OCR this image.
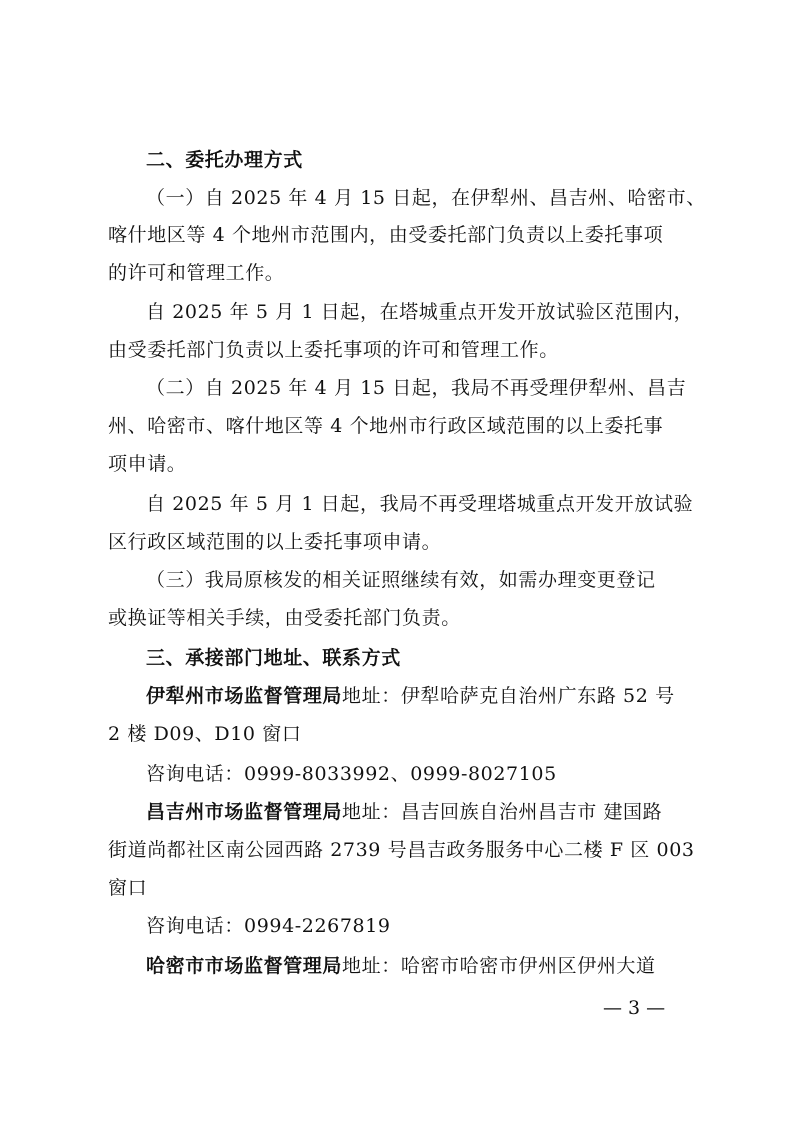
二、委托办理方式
（一）自 2025 年 4 月 15 日起，在伊犁州、昌吉州、哈密市、
喀什地区等 4 个地州市范围内，由受委托部门负责以上委托事项
的许可和管理工作。
自 2025 年 5 月 1 日起，在塔城重点开发开放试验区范围内，
由受委托部门负责以上委托事项的许可和管理工作。
（二）自 2025 年 4 月 15 日起，我局不再受理伊犁州、昌吉
州、哈密市、喀什地区等 4 个地州市行政区域范围的以上委托事
项申请。
自 2025 年 5 月 1 日起，我局不再受理塔城重点开发开放试验
区行政区域范围的以上委托事项申请。
（三）我局原核发的相关证照继续有效，如需办理变更登记
或换证等相关手续，由受委托部门负责。
三、承接部门地址、联系方式
伊犁州市场监督管理局地址：伊犁哈萨克自治州广东路 52 号
2 楼 D09、D10 窗口
咨询电话：0999-8033992、0999-8027105
昌吉州市场监督管理局地址：昌吉回族自治州昌吉市 建国路
街道尚都社区南公园西路 2739 号昌吉政务服务中心二楼 F 区 003
窗口
咨询电话：0994-2267819
哈密市市场监督管理局地址：哈密市哈密市伊州区伊州大道
— 3 —
